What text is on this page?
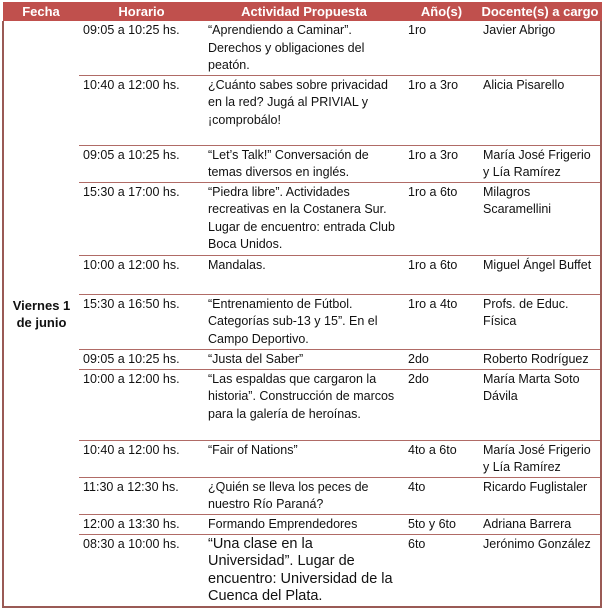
Fecha	Horario	Actividad Propuesta	Año(s)	Docente(s) a cargo
Viernes 1 de junio	09:05 a 10:25 hs.	“Aprendiendo a Caminar”. Derechos y obligaciones del peatón.	1ro	Javier Abrigo
	10:40 a 12:00 hs.	¿Cuánto sabes sobre privacidad en la red? Jugá al PRIVIAL y ¡comprobálo!	1ro a 3ro	Alicia Pisarello
	09:05 a 10:25 hs.	“Let’s Talk!” Conversación de temas diversos en inglés.	1ro a 3ro	María José Frigerio y Lía Ramírez
	15:30 a 17:00 hs.	“Piedra libre”. Actividades recreativas en la Costanera Sur. Lugar de encuentro: entrada Club Boca Unidos.	1ro a 6to	Milagros Scaramellini
	10:00 a 12:00 hs.	Mandalas.	1ro a 6to	Miguel Ángel Buffet
	15:30 a 16:50 hs.	“Entrenamiento de Fútbol. Categorías sub-13 y 15”. En el Campo Deportivo.	1ro a 4to	Profs. de Educ. Física
	09:05 a 10:25 hs.	“Justa del Saber”	2do	Roberto Rodríguez
	10:00 a 12:00 hs.	“Las espaldas que cargaron la historia”. Construcción de marcos para la galería de heroínas.	2do	María Marta Soto Dávila
	10:40 a 12:00 hs.	“Fair of Nations”	4to a 6to	María José Frigerio y Lía Ramírez
	11:30 a 12:30 hs.	¿Quién se lleva los peces de nuestro Río Paraná?	4to	Ricardo Fuglistaler
	12:00 a 13:30 hs.	Formando Emprendedores	5to y 6to	Adriana Barrera
	08:30 a 10:00 hs.	“Una clase en la Universidad”. Lugar de encuentro: Universidad de la Cuenca del Plata.	6to	Jerónimo González
